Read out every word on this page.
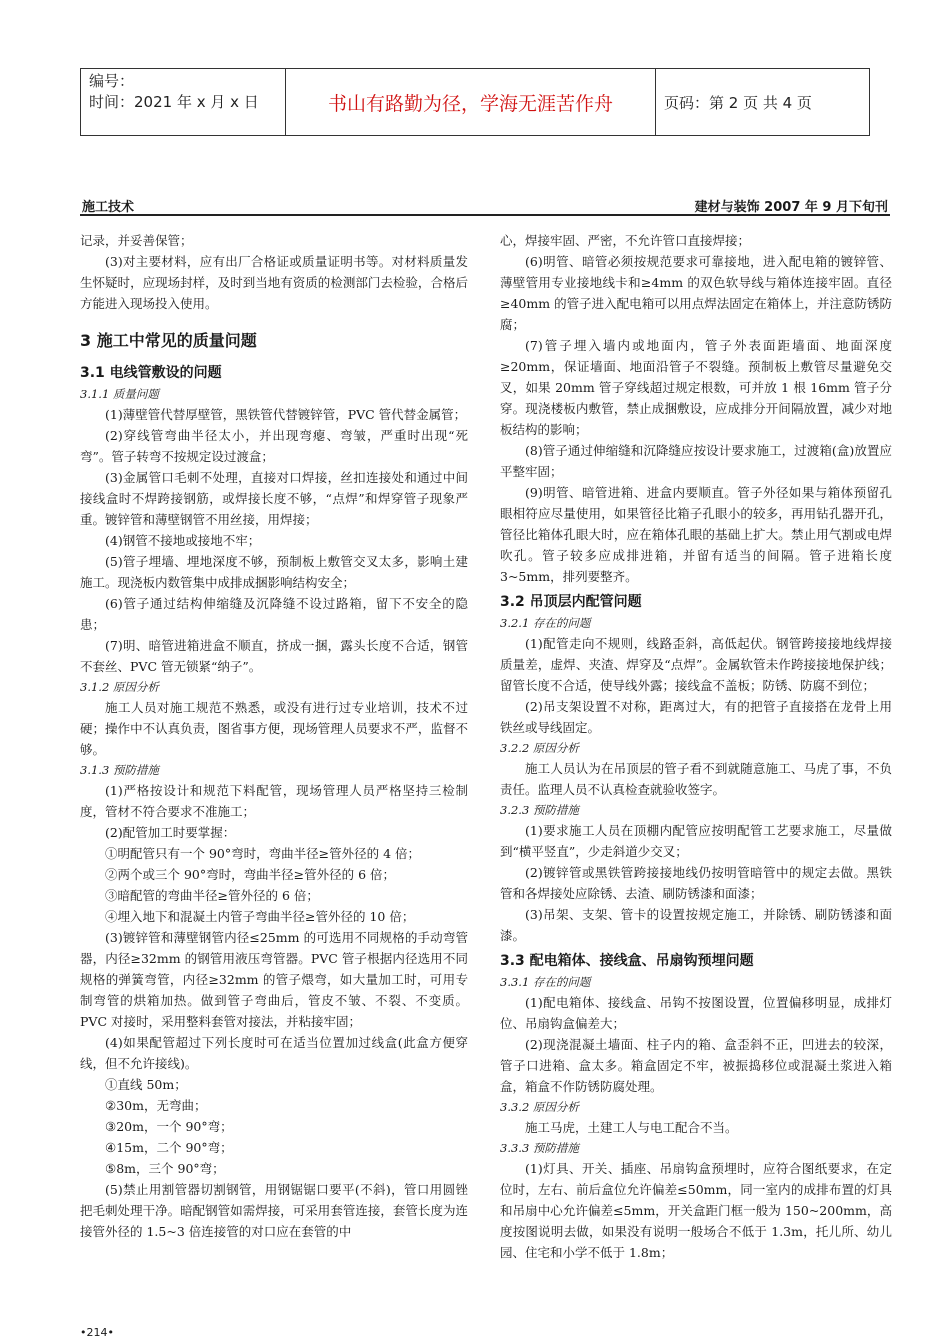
编号：
时间：2021 年 x 月 x 日	书山有路勤为径，学海无涯苦作舟	页码：第 2 页 共 4 页
施工技术	建材与装饰 2007 年 9 月下旬刊

记录，并妥善保管；

(3)对主要材料，应有出厂合格证或质量证明书等。对材料质量发生怀疑时，应现场封样，及时到当地有资质的检测部门去检验，合格后方能进入现场投入使用。

3 施工中常见的质量问题

3.1 电线管敷设的问题

3.1.1 质量问题

(1)薄壁管代替厚壁管，黑铁管代替镀锌管，PVC 管代替金属管；

(2)穿线管弯曲半径太小，并出现弯瘪、弯皱，严重时出现“死弯”。管子转弯不按规定设过渡盒；

(3)金属管口毛刺不处理，直接对口焊接，丝扣连接处和通过中间接线盒时不焊跨接钢筋，或焊接长度不够，“点焊”和焊穿管子现象严重。镀锌管和薄壁钢管不用丝接，用焊接；

(4)钢管不接地或接地不牢；

(5)管子埋墙、埋地深度不够，预制板上敷管交叉太多，影响土建施工。现浇板内数管集中成排成捆影响结构安全；

(6)管子通过结构伸缩缝及沉降缝不设过路箱，留下不安全的隐患；

(7)明、暗管进箱进盒不顺直，挤成一捆，露头长度不合适，钢管不套丝、PVC 管无锁紧“纳子”。

3.1.2 原因分析

施工人员对施工规范不熟悉，或没有进行过专业培训，技术不过硬；操作中不认真负责，图省事方便，现场管理人员要求不严，监督不够。

3.1.3 预防措施

(1)严格按设计和规范下料配管，现场管理人员严格坚持三检制度，管材不符合要求不准施工；

(2)配管加工时要掌握：

①明配管只有一个 90°弯时，弯曲半径≥管外径的 4 倍；

②两个或三个 90°弯时，弯曲半径≥管外径的 6 倍；

③暗配管的弯曲半径≥管外径的 6 倍；

④埋入地下和混凝土内管子弯曲半径≥管外径的 10 倍；

(3)镀锌管和薄壁钢管内径≤25mm 的可选用不同规格的手动弯管器，内径≥32mm 的钢管用液压弯管器。PVC 管子根据内径选用不同规格的弹簧弯管，内径≥32mm 的管子煨弯，如大量加工时，可用专制弯管的烘箱加热。做到管子弯曲后，管皮不皱、不裂、不变质。PVC 对接时，采用整料套管对接法，并粘接牢固；

(4)如果配管超过下列长度时可在适当位置加过线盒(此盒方便穿线，但不允许接线)。

①直线 50m；

②30m，无弯曲；

③20m，一个 90°弯；

④15m，二个 90°弯；

⑤8m，三个 90°弯；

(5)禁止用割管器切割钢管，用钢锯锯口要平(不斜)，管口用圆锉把毛刺处理干净。暗配钢管如需焊接，可采用套管连接，套管长度为连接管外径的 1.5~3 倍连接管的对口应在套管的中

心，焊接牢固、严密，不允许管口直接焊接；

(6)明管、暗管必须按规范要求可靠接地，进入配电箱的镀锌管、薄壁管用专业接地线卡和≥4mm 的双色软导线与箱体连接牢固。直径≥40mm 的管子进入配电箱可以用点焊法固定在箱体上，并注意防锈防腐；

(7)管子埋入墙内或地面内，管子外表面距墙面、地面深度≥20mm，保证墙面、地面沿管子不裂缝。预制板上敷管尽量避免交叉，如果 20mm 管子穿线超过规定根数，可并放 1 根 16mm 管子分穿。现浇楼板内敷管，禁止成捆敷设，应成排分开间隔放置，减少对地板结构的影响；

(8)管子通过伸缩缝和沉降缝应按设计要求施工，过渡箱(盒)放置应平整牢固；

(9)明管、暗管进箱、进盒内要顺直。管子外径如果与箱体预留孔眼相符应尽量使用，如果管径比箱子孔眼小的较多，再用钻孔器开孔，管径比箱体孔眼大时，应在箱体孔眼的基础上扩大。禁止用气割或电焊吹孔。管子较多应成排进箱，并留有适当的间隔。管子进箱长度 3~5mm，排列要整齐。

3.2 吊顶层内配管问题

3.2.1 存在的问题

(1)配管走向不规则，线路歪斜，高低起伏。钢管跨接接地线焊接质量差，虚焊、夹渣、焊穿及“点焊”。金属软管未作跨接接地保护线；留管长度不合适，使导线外露；接线盒不盖板；防锈、防腐不到位；

(2)吊支架设置不对称，距离过大，有的把管子直接搭在龙骨上用铁丝或导线固定。

3.2.2 原因分析

施工人员认为在吊顶层的管子看不到就随意施工、马虎了事，不负责任。监理人员不认真检查就验收签字。

3.2.3 预防措施

(1)要求施工人员在顶棚内配管应按明配管工艺要求施工，尽量做到“横平竖直”，少走斜道少交叉；

(2)镀锌管或黑铁管跨接接地线仍按明管暗管中的规定去做。黑铁管和各焊接处应除锈、去渣、刷防锈漆和面漆；

(3)吊架、支架、管卡的设置按规定施工，并除锈、刷防锈漆和面漆。

3.3 配电箱体、接线盒、吊扇钩预埋问题

3.3.1 存在的问题

(1)配电箱体、接线盒、吊钩不按图设置，位置偏移明显，成排灯位、吊扇钩盒偏差大；

(2)现浇混凝土墙面、柱子内的箱、盒歪斜不正，凹进去的较深，管子口进箱、盒太多。箱盒固定不牢，被振捣移位或混凝土浆进入箱盒，箱盒不作防锈防腐处理。

3.3.2 原因分析

施工马虎，土建工人与电工配合不当。

3.3.3 预防措施

(1)灯具、开关、插座、吊扇钩盒预埋时，应符合图纸要求，在定位时，左右、前后盒位允许偏差≤50mm，同一室内的成排布置的灯具和吊扇中心允许偏差≤5mm，开关盒距门框一般为 150~200mm，高度按图说明去做，如果没有说明一般场合不低于 1.3m，托儿所、幼儿园、住宅和小学不低于 1.8m；

•214•
